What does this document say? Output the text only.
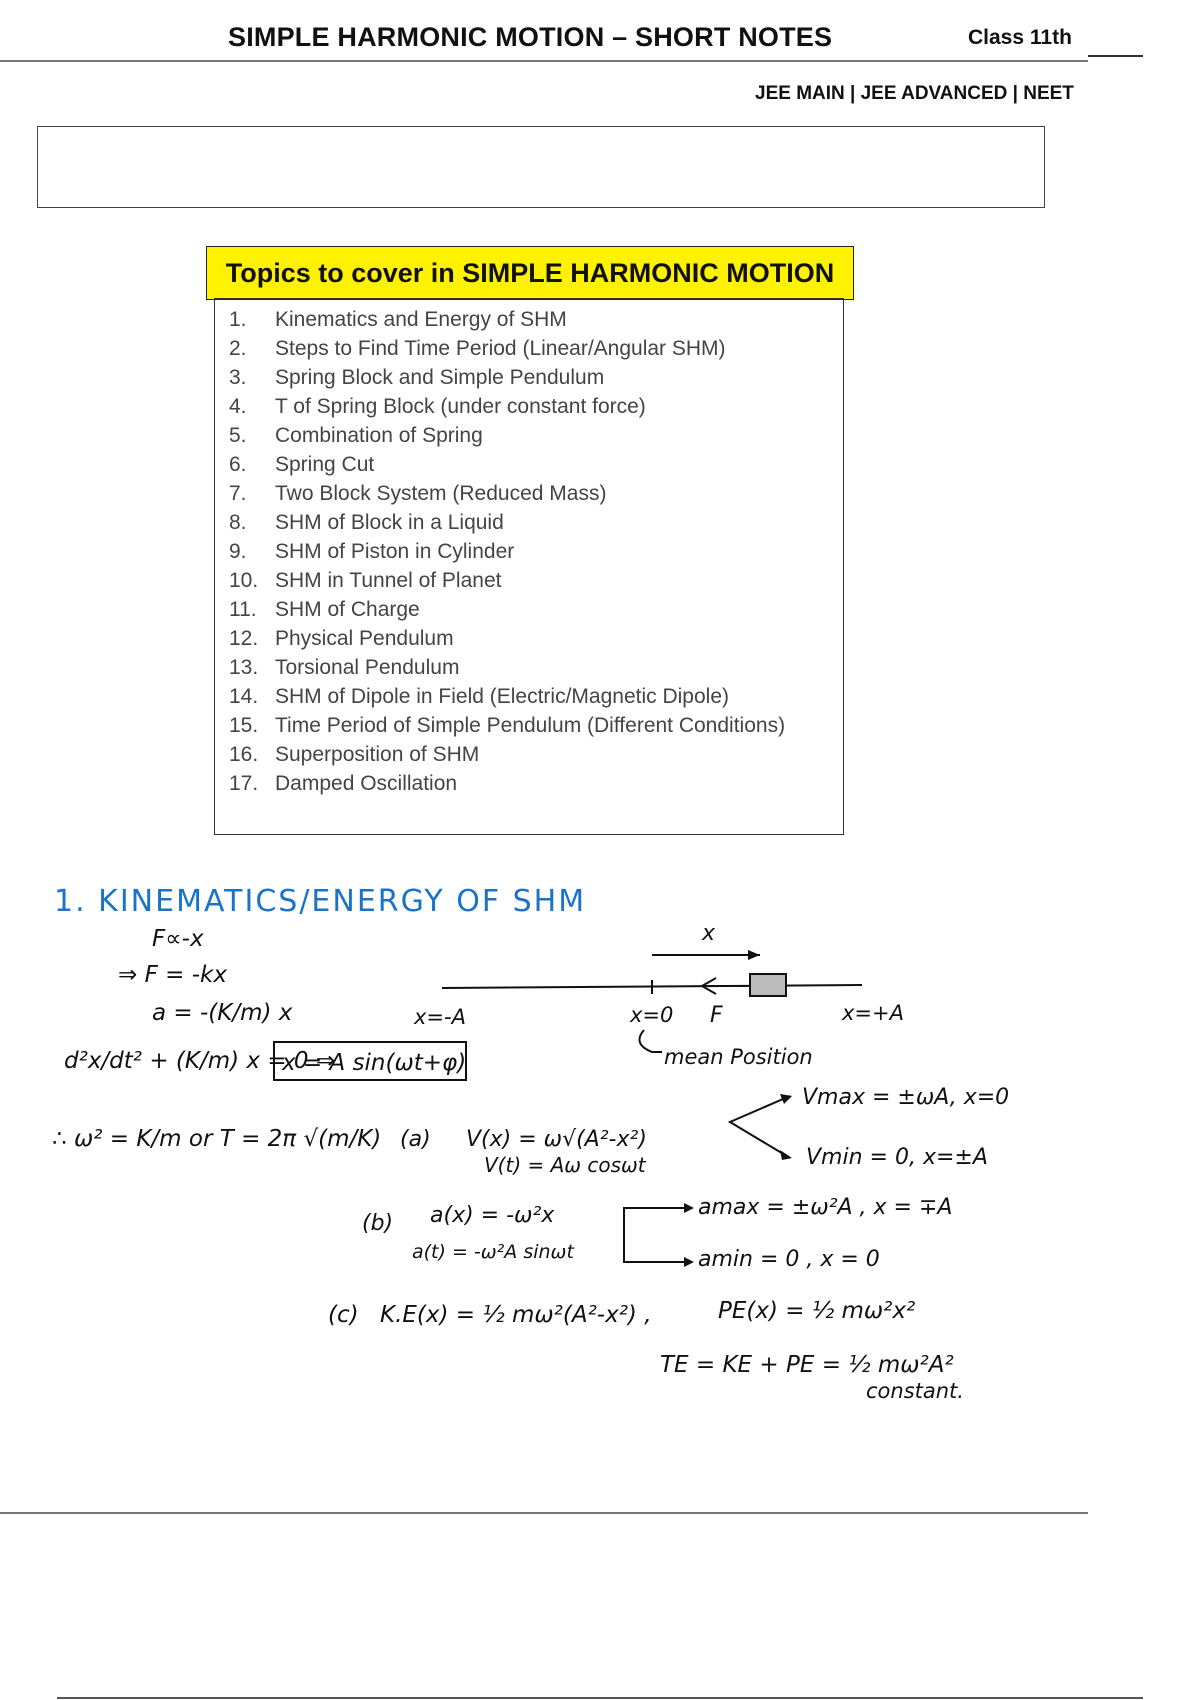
SIMPLE HARMONIC MOTION – SHORT NOTES	Class 11th
JEE MAIN | JEE ADVANCED | NEET
Topics to cover in SIMPLE HARMONIC MOTION
1.	Kinematics and Energy of SHM
2.	Steps to Find Time Period (Linear/Angular SHM)
3.	Spring Block and Simple Pendulum
4.	T of Spring Block (under constant force)
5.	Combination of Spring
6.	Spring Cut
7.	Two Block System (Reduced Mass)
8.	SHM of Block in a Liquid
9.	SHM of Piston in Cylinder
10. SHM in Tunnel of Planet
11. SHM of Charge
12. Physical Pendulum
13. Torsional Pendulum
14. SHM of Dipole in Field (Electric/Magnetic Dipole)
15. Time Period of Simple Pendulum (Different Conditions)
16. Superposition of SHM
17. Damped Oscillation
1. KINEMATICS/ENERGY OF SHM
F∝-x
⇒ F = -kx
a = -(K/m) x
d²x/dt² + (K/m) x = 0 ⇒
x = A sin(ωt+φ)
∴ ω² = K/m or T = 2π √(m/K)
x
x=-A	x=0 F	x=+A
mean Position
(a) V(x) = ω√(A²-x²)
V(t) = Aω cosωt
Vmax = ±ωA, x=0
Vmin = 0, x=±A
(b) a(x) = -ω²x
a(t) = -ω²A sinωt
amax = ±ω²A , x = ∓A
amin = 0 , x = 0
(c) K.E(x) = ½ mω²(A²-x²) ,	PE(x) = ½ mω²x²
TE = KE + PE = ½ mω²A²
constant.
